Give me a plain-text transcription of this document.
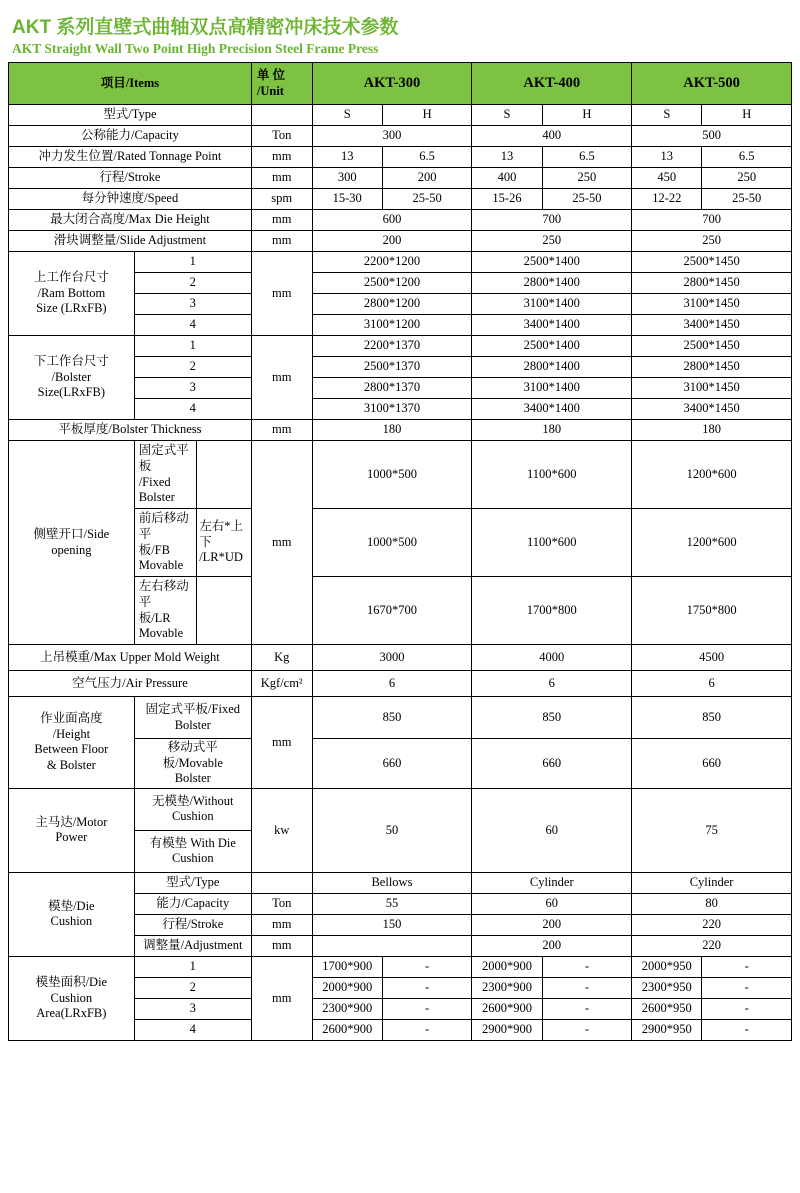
AKT 系列直壁式曲轴双点高精密冲床技术参数
AKT Straight Wall Two Point High Precision Steel Frame Press
项目/Items	
单 位
/Unit	AKT-300	AKT-400	AKT-500
型式/Type		S	H	S	H	S	H
公称能力/Capacity	Ton	300	400	500
冲力发生位置/Rated Tonnage Point	mm	13	6.5	13	6.5	13	6.5
行程/Stroke	mm	300	200	400	250	450	250
每分钟速度/Speed	spm	15-30	25-50	15-26	25-50	12-22	25-50
最大闭合高度/Max Die Height	mm	600	700	700
滑块调整量/Slide Adjustment	mm	200	250	250

上工作台尺寸
/Ram Bottom
Size (LRxFB)
	1	mm	2200*1200	2500*1400	2500*1450
2	2500*1200	2800*1400	2800*1450
3	2800*1200	3100*1400	3100*1450
4	3100*1200	3400*1400	3400*1450

下工作台尺寸
/Bolster
Size(LRxFB)
	1	mm	2200*1370	2500*1400	2500*1450
2	2500*1370	2800*1400	2800*1450
3	2800*1370	3100*1400	3100*1450
4	3100*1370	3400*1400	3400*1450
平板厚度/Bolster Thickness	mm	180	180	180

侧壁开口/Side
opening

固定式平板
/Fixed
Bolster

	mm	1000*500	1100*600	1200*600

前后移动平
板/FB
Movable

左右*上
下
/LR*UD
	1000*500	1100*600	1200*600

左右移动平
板/LR
Movable

	1670*700	1700*800	1750*800
上吊模重/Max Upper Mold Weight	Kg	3000	4000	4500
空气压力/Air Pressure	Kgf/cm²	6	6	6

作业面高度
/Height
Between Floor
& Bolster

固定式平板/Fixed
Bolster
	mm	850	850	850

移动式平板/Movable
Bolster
	660	660	660

主马达/Motor
Power

无模垫/Without
Cushion
	kw	50	60	75

有模垫 With Die
Cushion

模垫/Die
Cushion
	型式/Type		Bellows	Cylinder	Cylinder
能力/Capacity	Ton	55	60	80
行程/Stroke	mm	150	200	220
调整量/Adjustment	mm		200	220

模垫面积/Die
Cushion
Area(LRxFB)
	1	mm	1700*900	-	2000*900	-	2000*950	-
2	2000*900	-	2300*900	-	2300*950	-
3	2300*900	-	2600*900	-	2600*950	-
4	2600*900	-	2900*900	-	2900*950	-
